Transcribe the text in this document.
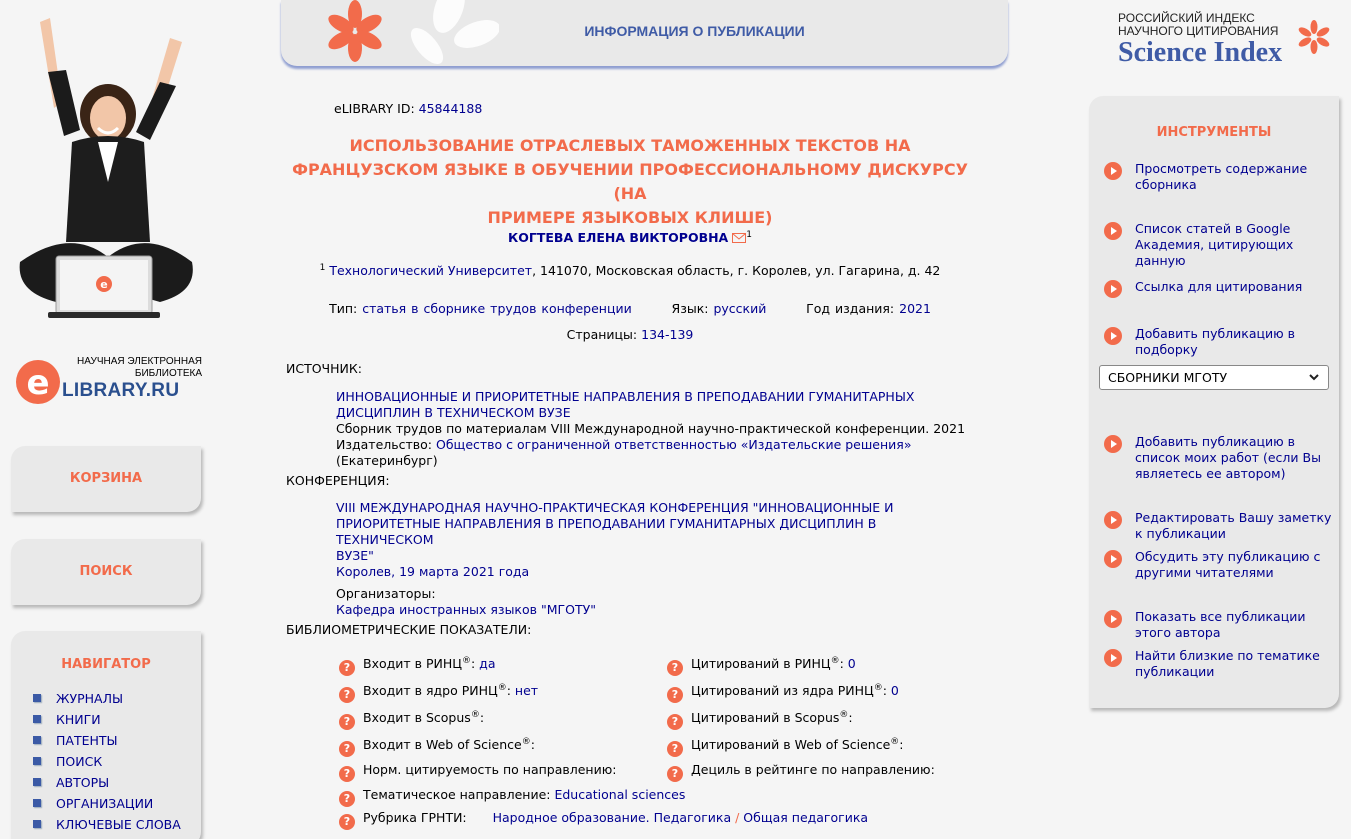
e
e
НАУЧНАЯ ЭЛЕКТРОННАЯ
БИБЛИОТЕКА
LIBRARY.RU
КОРЗИНА
ПОИСК
НАВИГАТОР
ЖУРНАЛЫ
КНИГИ
ПАТЕНТЫ
ПОИСК
АВТОРЫ
ОРГАНИЗАЦИИ
КЛЮЧЕВЫЕ СЛОВА
ИНФОРМАЦИЯ О ПУБЛИКАЦИИ
РОССИЙСКИЙ ИНДЕКС
НАУЧНОГО ЦИТИРОВАНИЯ
Science Index
ИНСТРУМЕНТЫ
Просмотреть содержание сборника
Список статей в Google Академия, цитирующих данную
Ссылка для цитирования
Добавить публикацию в подборку
СБОРНИКИ МГОТУ
Добавить публикацию в список моих работ (если Вы являетесь ее автором)
Редактировать Вашу заметку к публикации
Обсудить эту публикацию с другими читателями
Показать все публикации этого автора
Найти близкие по тематике публикации
eLIBRARY ID: 45844188
ИСПОЛЬЗОВАНИЕ ОТРАСЛЕВЫХ ТАМОЖЕННЫХ ТЕКСТОВ НА
ФРАНЦУЗСКОМ ЯЗЫКЕ В ОБУЧЕНИИ ПРОФЕССИОНАЛЬНОМУ ДИСКУРСУ (НА
ПРИМЕРЕ ЯЗЫКОВЫХ КЛИШЕ)
КОГТЕВА ЕЛЕНА ВИКТОРОВНА $^1$
$^1$ Технологический Университет, 141070, Московская область, г. Королев, ул. Гагарина, д. 42
Тип: статья в сборнике трудов конференции	Язык: русский	Год издания: 2021
Страницы: 134-139
ИСТОЧНИК:
ИННОВАЦИОННЫЕ И ПРИОРИТЕТНЫЕ НАПРАВЛЕНИЯ В ПРЕПОДАВАНИИ ГУМАНИТАРНЫХ
ДИСЦИПЛИН В ТЕХНИЧЕСКОМ ВУЗЕ
Сборник трудов по материалам VIII Международной научно-практической конференции. 2021
Издательство: Общество с ограниченной ответственностью «Издательские решения» (Екатеринбург)
КОНФЕРЕНЦИЯ:
VIII МЕЖДУНАРОДНАЯ НАУЧНО-ПРАКТИЧЕСКАЯ КОНФЕРЕНЦИЯ "ИННОВАЦИОННЫЕ И
ПРИОРИТЕТНЫЕ НАПРАВЛЕНИЯ В ПРЕПОДАВАНИИ ГУМАНИТАРНЫХ ДИСЦИПЛИН В ТЕХНИЧЕСКОМ
ВУЗЕ"
Королев, 19 марта 2021 года
Организаторы:
Кафедра иностранных языков "МГОТУ"
БИБЛИОМЕТРИЧЕСКИЕ ПОКАЗАТЕЛИ:
? Входит в РИНЦ®: да
? Входит в ядро РИНЦ®: нет
? Входит в Scopus®:
? Входит в Web of Science®:
? Норм. цитируемость по направлению:
? Тематическое направление: Educational sciences
? Рубрика ГРНТИ: Народное образование. Педагогика / Общая педагогика
? Цитирований в РИНЦ®: 0
? Цитирований из ядра РИНЦ®: 0
? Цитирований в Scopus®:
? Цитирований в Web of Science®:
? Дециль в рейтинге по направлению:
